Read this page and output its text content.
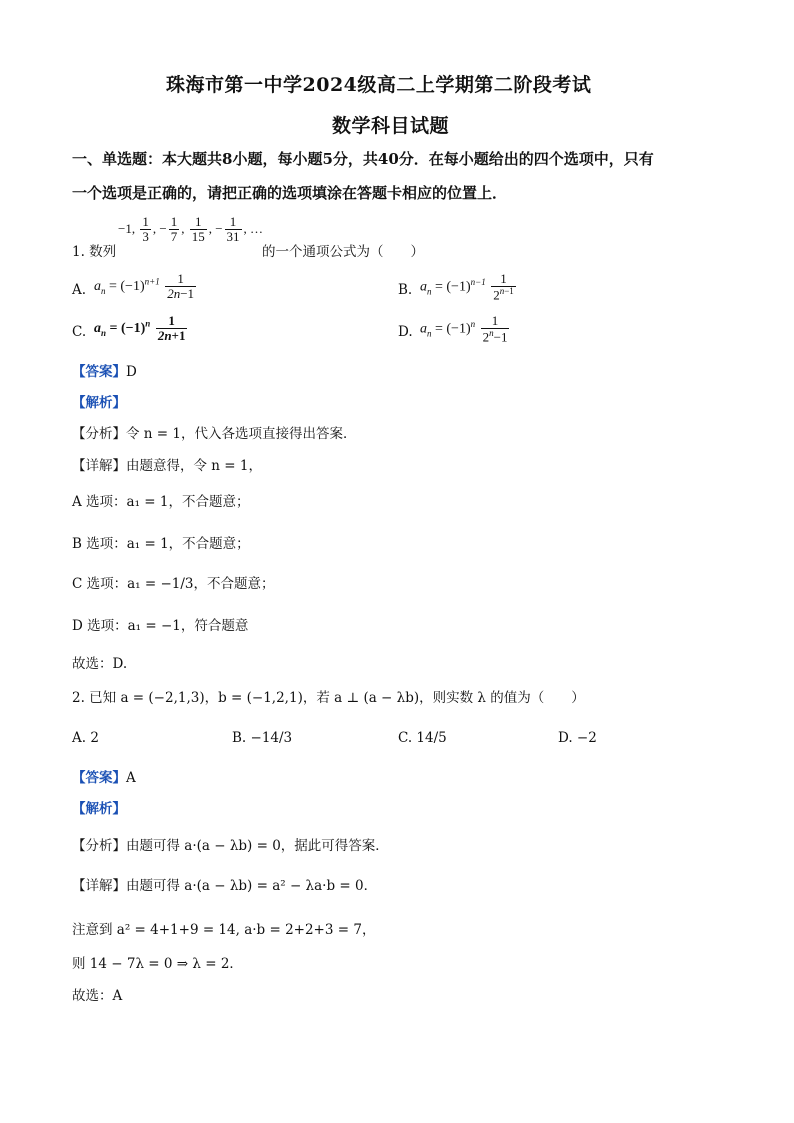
珠海市第一中学2024级高二上学期第二阶段考试
数学科目试题
一、单选题：本大题共8小题，每小题5分，共40分．在每小题给出的四个选项中，只有
一个选项是正确的，请把正确的选项填涂在答题卡相应的位置上．
1. 数列
−1, $\frac{1}{3}$ , − $\frac{1}{7}$ , $\frac{1}{15}$ , − $\frac{1}{31}$ , …
的一个通项公式为（　　）
A. $a_n = (-1)^{n+1} \frac{1}{2n-1}$	B. $a_n = (-1)^{n-1} \frac{1}{2^{n-1}}$
C. $a_n = (-1)^n \frac{1}{2n+1}$	D. $a_n = (-1)^n \frac{1}{2^n-1}$
【答案】D
【解析】
【分析】令 n = 1，代入各选项直接得出答案．
【详解】由题意得，令 n = 1，
A 选项：a₁ = 1，不合题意；
B 选项：a₁ = 1，不合题意；
C 选项：a₁ = −1/3，不合题意；
D 选项：a₁ = −1，符合题意
故选：D.
2. 已知 a = (−2,1,3)，b = (−1,2,1)，若 a ⊥ (a − λb)，则实数 λ 的值为（　　）
A. 2	B. −14/3	C. 14/5	D. −2
【答案】A
【解析】
【分析】由题可得 a·(a − λb) = 0，据此可得答案．
【详解】由题可得 a·(a − λb) = a² − λa·b = 0．
注意到 a² = 4+1+9 = 14, a·b = 2+2+3 = 7，
则 14 − 7λ = 0 ⇒ λ = 2．
故选：A
